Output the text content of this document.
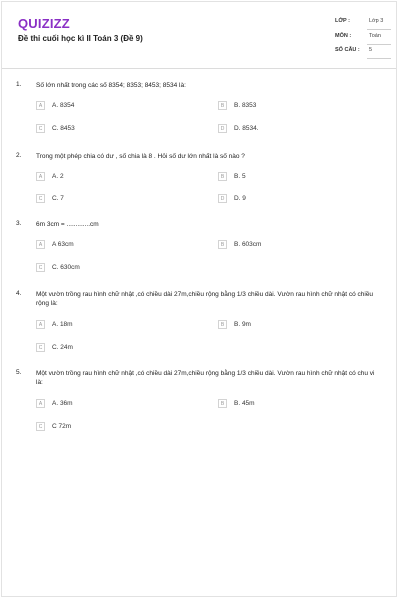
QUIZIZZ
Đề thi cuối học kì II Toán 3 (Đề 9)
LỚP :	Lớp 3
MÔN :	Toán
SỐ CÂU : 5
1. Số lớn nhất trong các số 8354; 8353; 8453; 8534 là:
A	A. 8354	B	B. 8353
C	C. 8453	D	D. 8534.
2. Trong một phép chia có dư , số chia là 8 . Hỏi số dư lớn nhất là số nào ?
A	A. 2	B	B. 5
C	C. 7	D	D. 9
3. 6m 3cm = .............cm
A	A 63cm	B	B. 603cm
C	C. 630cm
4. Một vườn trồng rau hình chữ nhật ,có chiều dài 27m,chiều rộng bằng 1/3 chiều dài. Vườn rau hình chữ nhật có chiều rộng là:
A	A. 18m	B	B. 9m
C	C. 24m
5. Một vườn trồng rau hình chữ nhật ,có chiều dài 27m,chiều rộng bằng 1/3 chiều dài. Vườn rau hình chữ nhật có chu vi là:
A	A. 36m	B	B. 45m
C	C 72m
